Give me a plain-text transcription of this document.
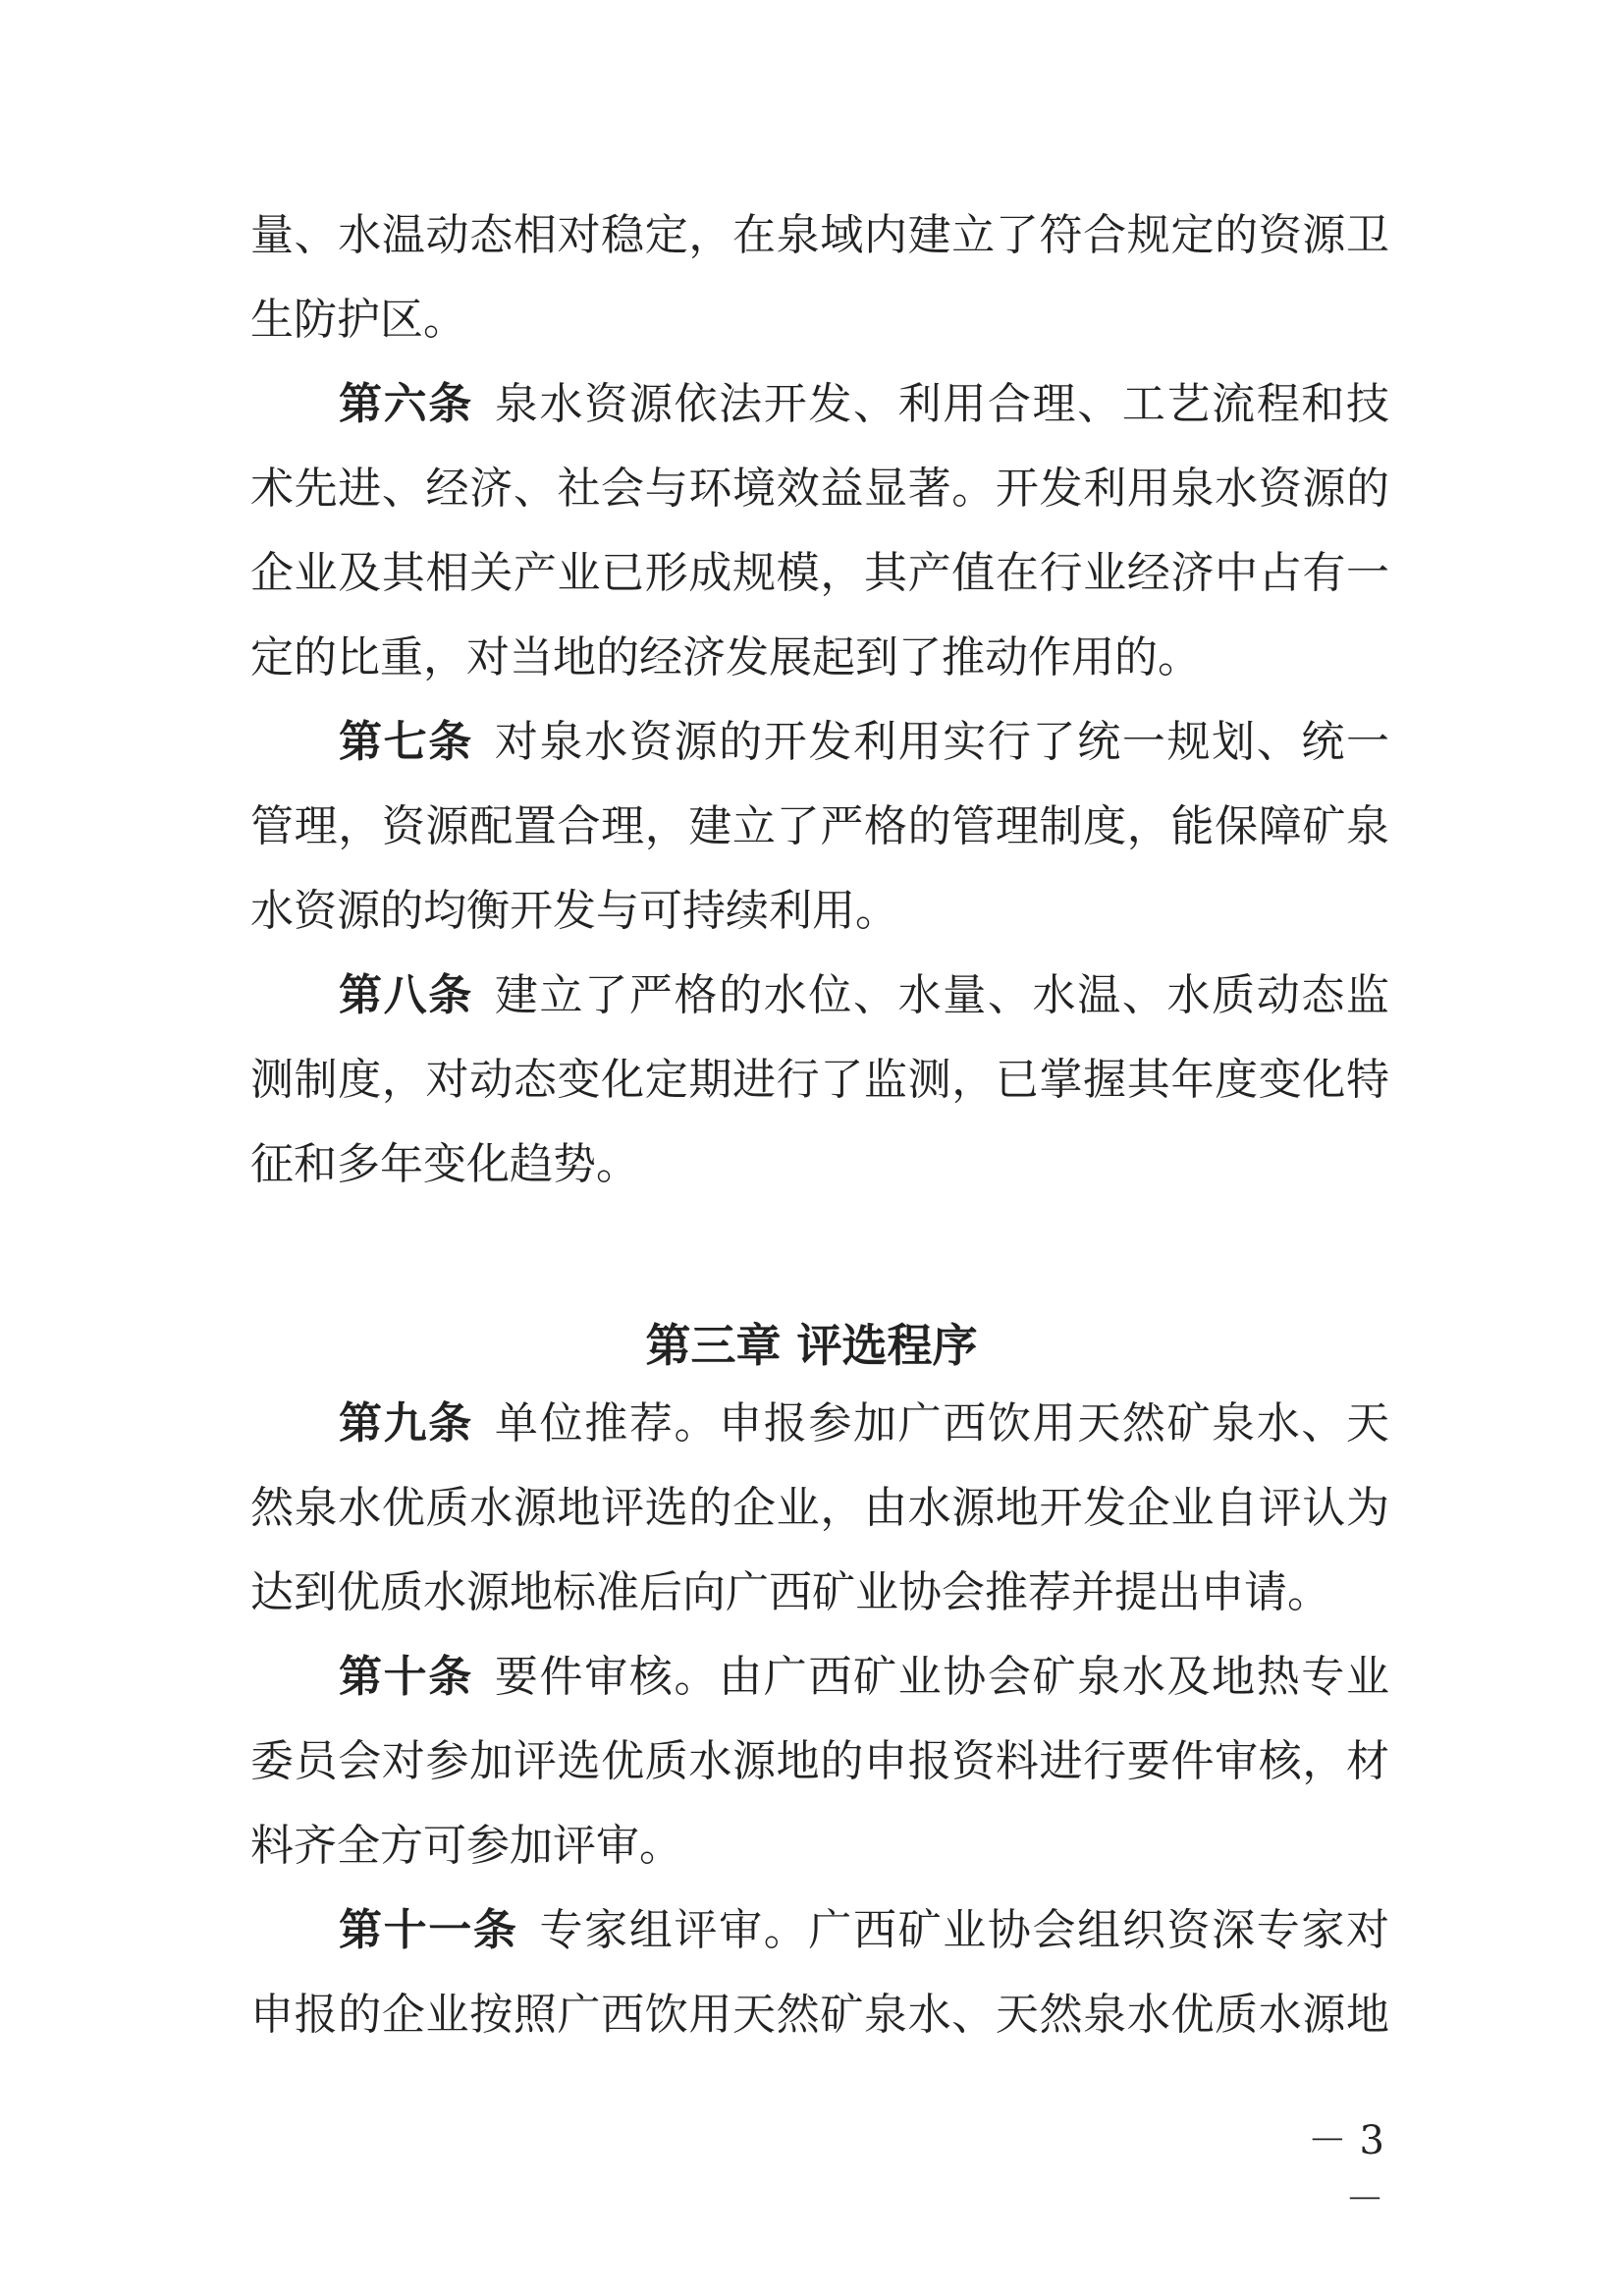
量、水温动态相对稳定，在泉域内建立了符合规定的资源卫
生防护区。
第六条 泉水资源依法开发、利用合理、工艺流程和技
术先进、经济、社会与环境效益显著。开发利用泉水资源的
企业及其相关产业已形成规模，其产值在行业经济中占有一
定的比重，对当地的经济发展起到了推动作用的。
第七条 对泉水资源的开发利用实行了统一规划、统一
管理，资源配置合理，建立了严格的管理制度，能保障矿泉
水资源的均衡开发与可持续利用。
第八条 建立了严格的水位、水量、水温、水质动态监
测制度，对动态变化定期进行了监测，已掌握其年度变化特
征和多年变化趋势。
第三章 评选程序
第九条 单位推荐。申报参加广西饮用天然矿泉水、天
然泉水优质水源地评选的企业，由水源地开发企业自评认为
达到优质水源地标准后向广西矿业协会推荐并提出申请。
第十条 要件审核。由广西矿业协会矿泉水及地热专业
委员会对参加评选优质水源地的申报资料进行要件审核，材
料齐全方可参加评审。
第十一条 专家组评审。广西矿业协会组织资深专家对
申报的企业按照广西饮用天然矿泉水、天然泉水优质水源地
－ 3 －
